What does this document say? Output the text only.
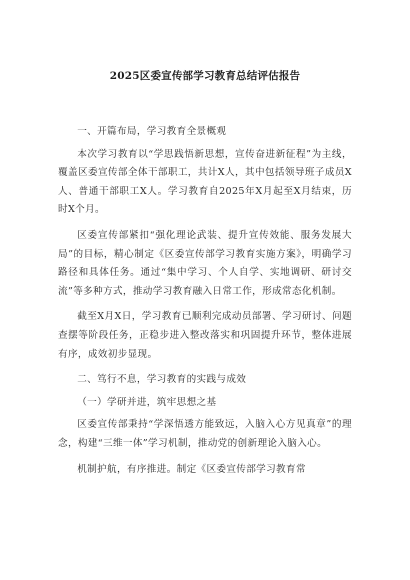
2025区委宣传部学习教育总结评估报告

一、开篇布局，学习教育全景概观

本次学习教育以“学思践悟新思想，宣传奋进新征程”为主线，覆盖区委宣传部全体干部职工，共计X人，其中包括领导班子成员X人、普通干部职工X人。学习教育自2025年X月起至X月结束，历时X个月。

区委宣传部紧扣“强化理论武装、提升宣传效能、服务发展大局”的目标，精心制定《区委宣传部学习教育实施方案》，明确学习路径和具体任务。通过“集中学习、个人自学、实地调研、研讨交流”等多种方式，推动学习教育融入日常工作，形成常态化机制。

截至X月X日，学习教育已顺利完成动员部署、学习研讨、问题查摆等阶段任务，正稳步进入整改落实和巩固提升环节，整体进展有序，成效初步显现。

二、笃行不息，学习教育的实践与成效

（一）学研并进，筑牢思想之基

区委宣传部秉持“学深悟透方能致远，入脑入心方见真章”的理念，构建“三维一体”学习机制，推动党的创新理论入脑入心。

机制护航，有序推进。制定《区委宣传部学习教育常
